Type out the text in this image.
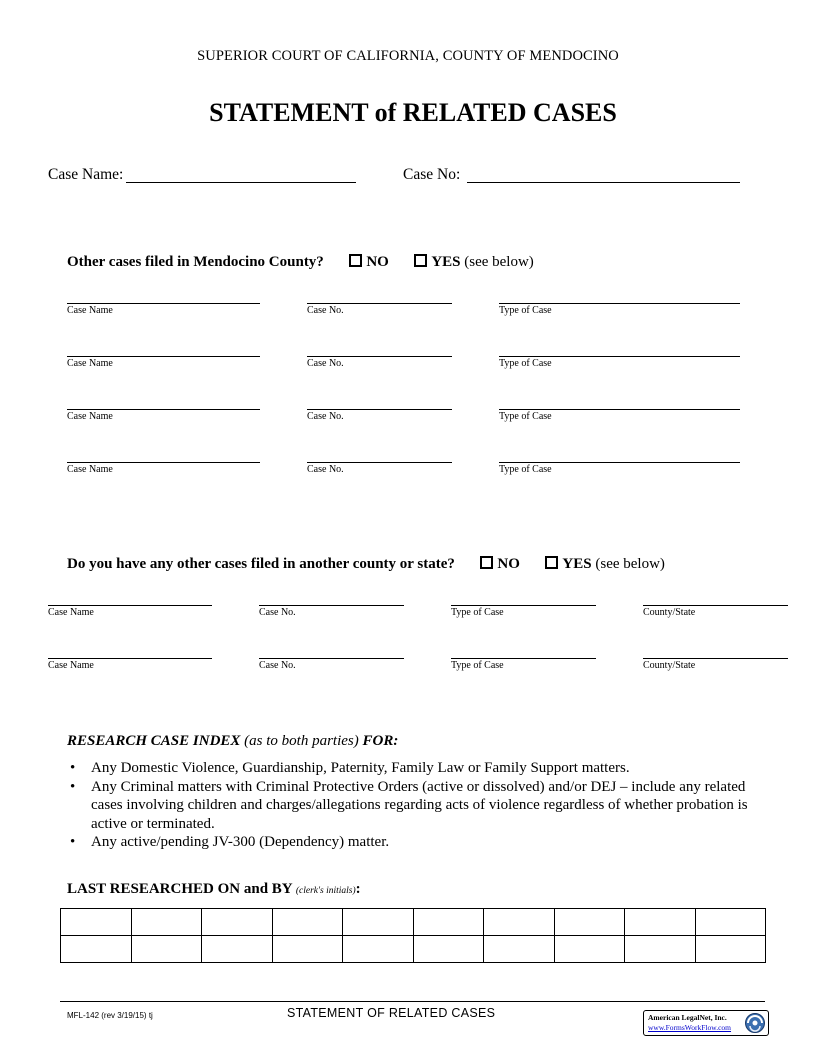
SUPERIOR COURT OF CALIFORNIA, COUNTY OF MENDOCINO
STATEMENT of RELATED CASES
Case Name:	Case No:
Other cases filed in Mendocino County?	NO	YES (see below)
Case Name	Case No.	Type of Case
Case Name	Case No.	Type of Case
Case Name	Case No.	Type of Case
Case Name	Case No.	Type of Case
Do you have any other cases filed in another county or state?	NO	YES (see below)
Case Name	Case No.	Type of Case	County/State
Case Name	Case No.	Type of Case	County/State
RESEARCH CASE INDEX (as to both parties) FOR:
• Any Domestic Violence, Guardianship, Paternity, Family Law or Family Support matters.
• Any Criminal matters with Criminal Protective Orders (active or dissolved) and/or DEJ – include any related cases involving children and charges/allegations regarding acts of violence regardless of whether probation is active or terminated.
• Any active/pending JV-300 (Dependency) matter.
LAST RESEARCHED ON and BY (clerk's initials):

MFL-142 (rev 3/19/15) tj	STATEMENT OF RELATED CASES	American LegalNet, Inc.
www.FormsWorkFlow.com
